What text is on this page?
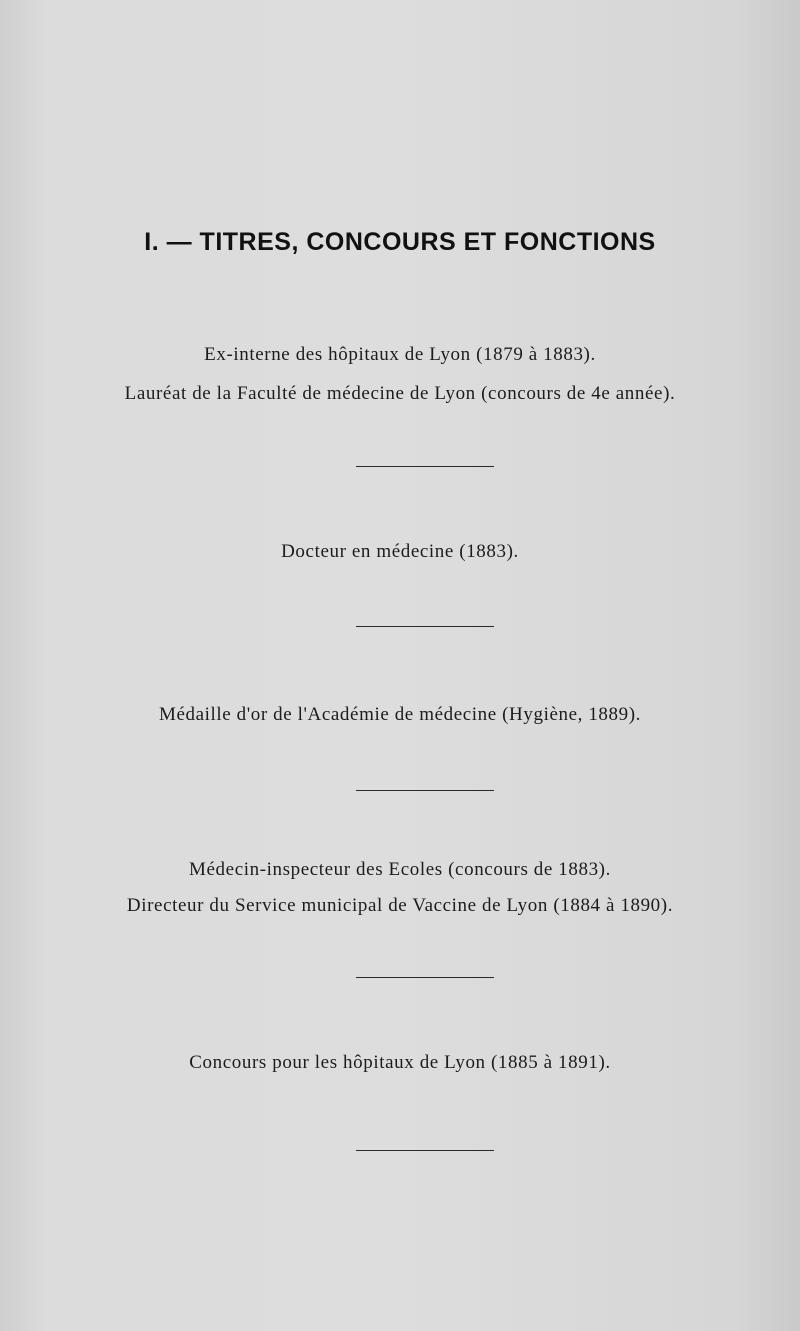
I. — TITRES, CONCOURS ET FONCTIONS
Ex-interne des hôpitaux de Lyon (1879 à 1883).
Lauréat de la Faculté de médecine de Lyon (concours de 4e année).
Docteur en médecine (1883).
Médaille d'or de l'Académie de médecine (Hygiène, 1889).
Médecin-inspecteur des Ecoles (concours de 1883).
Directeur du Service municipal de Vaccine de Lyon (1884 à 1890).
Concours pour les hôpitaux de Lyon (1885 à 1891).
